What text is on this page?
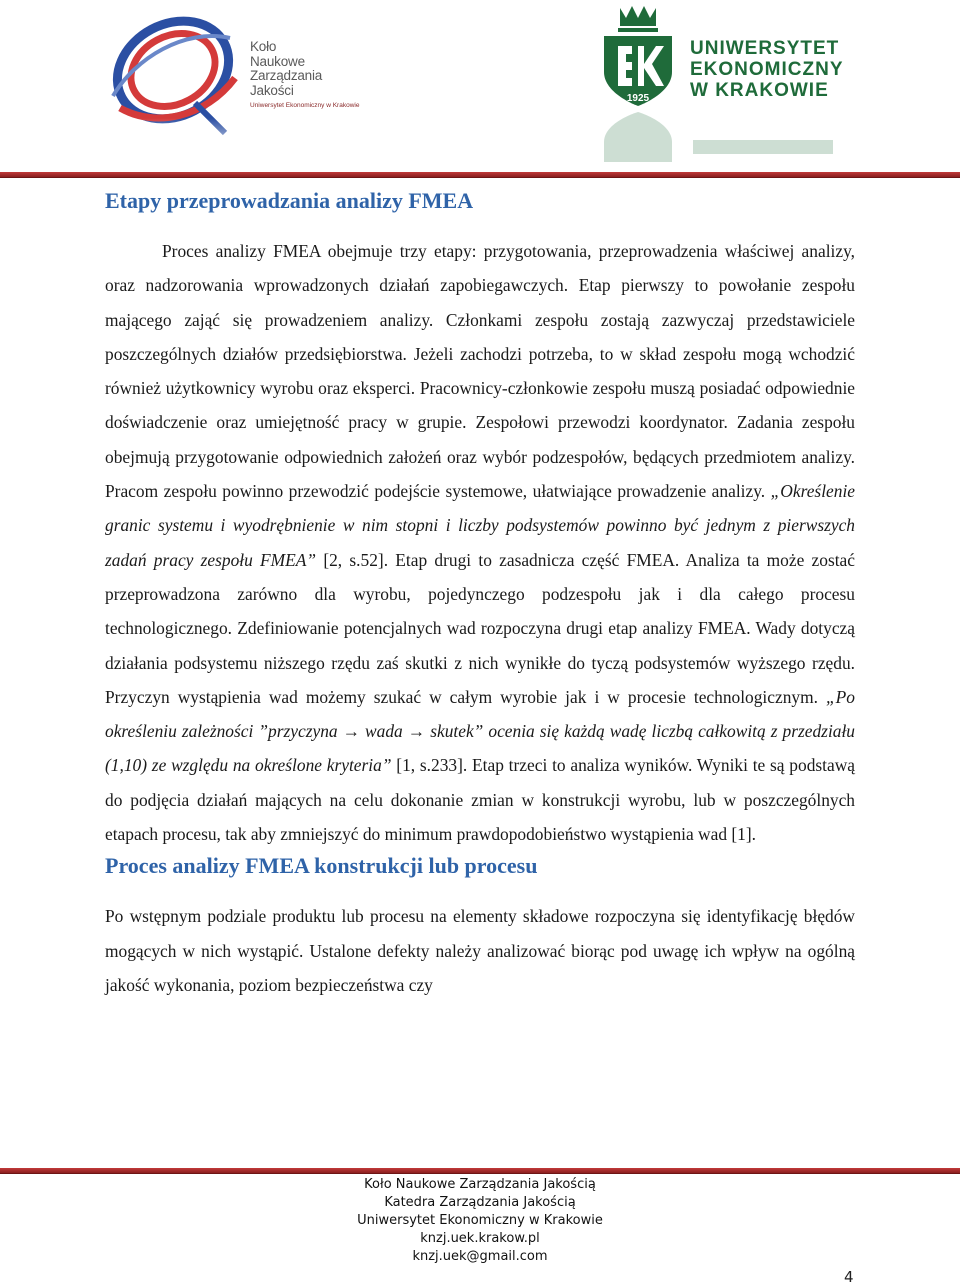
Koło
Naukowe
Zarządzania
Jakości
Uniwersytet Ekonomiczny w Krakowie
1925
UNIWERSYTET
EKONOMICZNY
W KRAKOWIE
Etapy przeprowadzania analizy FMEA

Proces analizy FMEA obejmuje trzy etapy: przygotowania, przeprowadzenia właściwej analizy, oraz nadzorowania wprowadzonych działań zapobiegawczych. Etap pierwszy to powołanie zespołu mającego zająć się prowadzeniem analizy. Członkami zespołu zostają zazwyczaj przedstawiciele poszczególnych działów przedsiębiorstwa. Jeżeli zachodzi potrzeba, to w skład zespołu mogą wchodzić również użytkownicy wyrobu oraz eksperci. Pracownicy-członkowie zespołu muszą posiadać odpowiednie doświadczenie oraz umiejętność pracy w grupie. Zespołowi przewodzi koordynator. Zadania zespołu obejmują przygotowanie odpowiednich założeń oraz wybór podzespołów, będących przedmiotem analizy. Pracom zespołu powinno przewodzić podejście systemowe, ułatwiające prowadzenie analizy. „Określenie granic systemu i wyodrębnienie w nim stopni i liczby podsystemów powinno być jednym z pierwszych zadań pracy zespołu FMEA” [2, s.52]. Etap drugi to zasadnicza część FMEA. Analiza ta może zostać przeprowadzona zarówno dla wyrobu, pojedynczego podzespołu jak i dla całego procesu technologicznego. Zdefiniowanie potencjalnych wad rozpoczyna drugi etap analizy FMEA. Wady dotyczą działania podsystemu niższego rzędu zaś skutki z nich wynikłe do tyczą podsystemów wyższego rzędu. Przyczyn wystąpienia wad możemy szukać w całym wyrobie jak i w procesie technologicznym. „Po określeniu zależności ”przyczyna → wada → skutek” ocenia się każdą wadę liczbą całkowitą z przedziału (1,10) ze względu na określone kryteria” [1, s.233]. Etap trzeci to analiza wyników. Wyniki te są podstawą do podjęcia działań mających na celu dokonanie zmian w konstrukcji wyrobu, lub w poszczególnych etapach procesu, tak aby zmniejszyć do minimum prawdopodobieństwo wystąpienia wad [1].

Proces analizy FMEA konstrukcji lub procesu

Po wstępnym podziale produktu lub procesu na elementy składowe rozpoczyna się identyfikację błędów mogących w nich wystąpić. Ustalone defekty należy analizować biorąc pod uwagę ich wpływ na ogólną jakość wykonania, poziom bezpieczeństwa czy

Koło Naukowe Zarządzania Jakością
Katedra Zarządzania Jakością
Uniwersytet Ekonomiczny w Krakowie
knzj.uek.krakow.pl
knzj.uek@gmail.com
4
